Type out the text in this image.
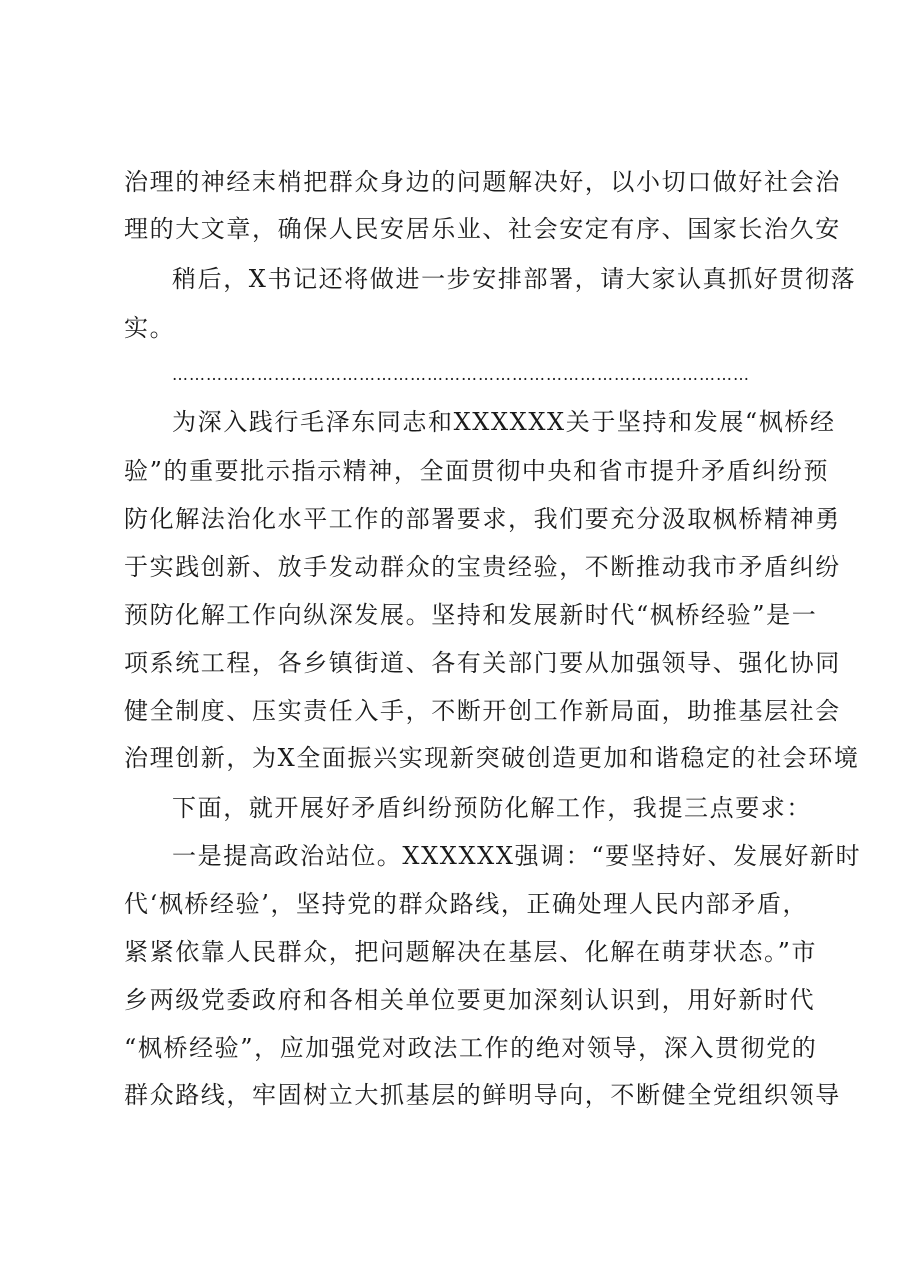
治理的神经末梢把群众身边的问题解决好，以小切口做好社会治
理的大文章，确保人民安居乐业、社会安定有序、国家长治久安
稍后，X书记还将做进一步安排部署，请大家认真抓好贯彻落
实。
…………………………………………………………………………………………
为深入践行毛泽东同志和XXXXXX关于坚持和发展“枫桥经
验”的重要批示指示精神，全面贯彻中央和省市提升矛盾纠纷预
防化解法治化水平工作的部署要求，我们要充分汲取枫桥精神勇
于实践创新、放手发动群众的宝贵经验，不断推动我市矛盾纠纷
预防化解工作向纵深发展。坚持和发展新时代“枫桥经验”是一
项系统工程，各乡镇街道、各有关部门要从加强领导、强化协同
健全制度、压实责任入手，不断开创工作新局面，助推基层社会
治理创新，为X全面振兴实现新突破创造更加和谐稳定的社会环境
下面，就开展好矛盾纠纷预防化解工作，我提三点要求：
一是提高政治站位。XXXXXX强调：“要坚持好、发展好新时
代‘枫桥经验’，坚持党的群众路线，正确处理人民内部矛盾，
紧紧依靠人民群众，把问题解决在基层、化解在萌芽状态。”市
乡两级党委政府和各相关单位要更加深刻认识到，用好新时代
“枫桥经验”，应加强党对政法工作的绝对领导，深入贯彻党的
群众路线，牢固树立大抓基层的鲜明导向，不断健全党组织领导
